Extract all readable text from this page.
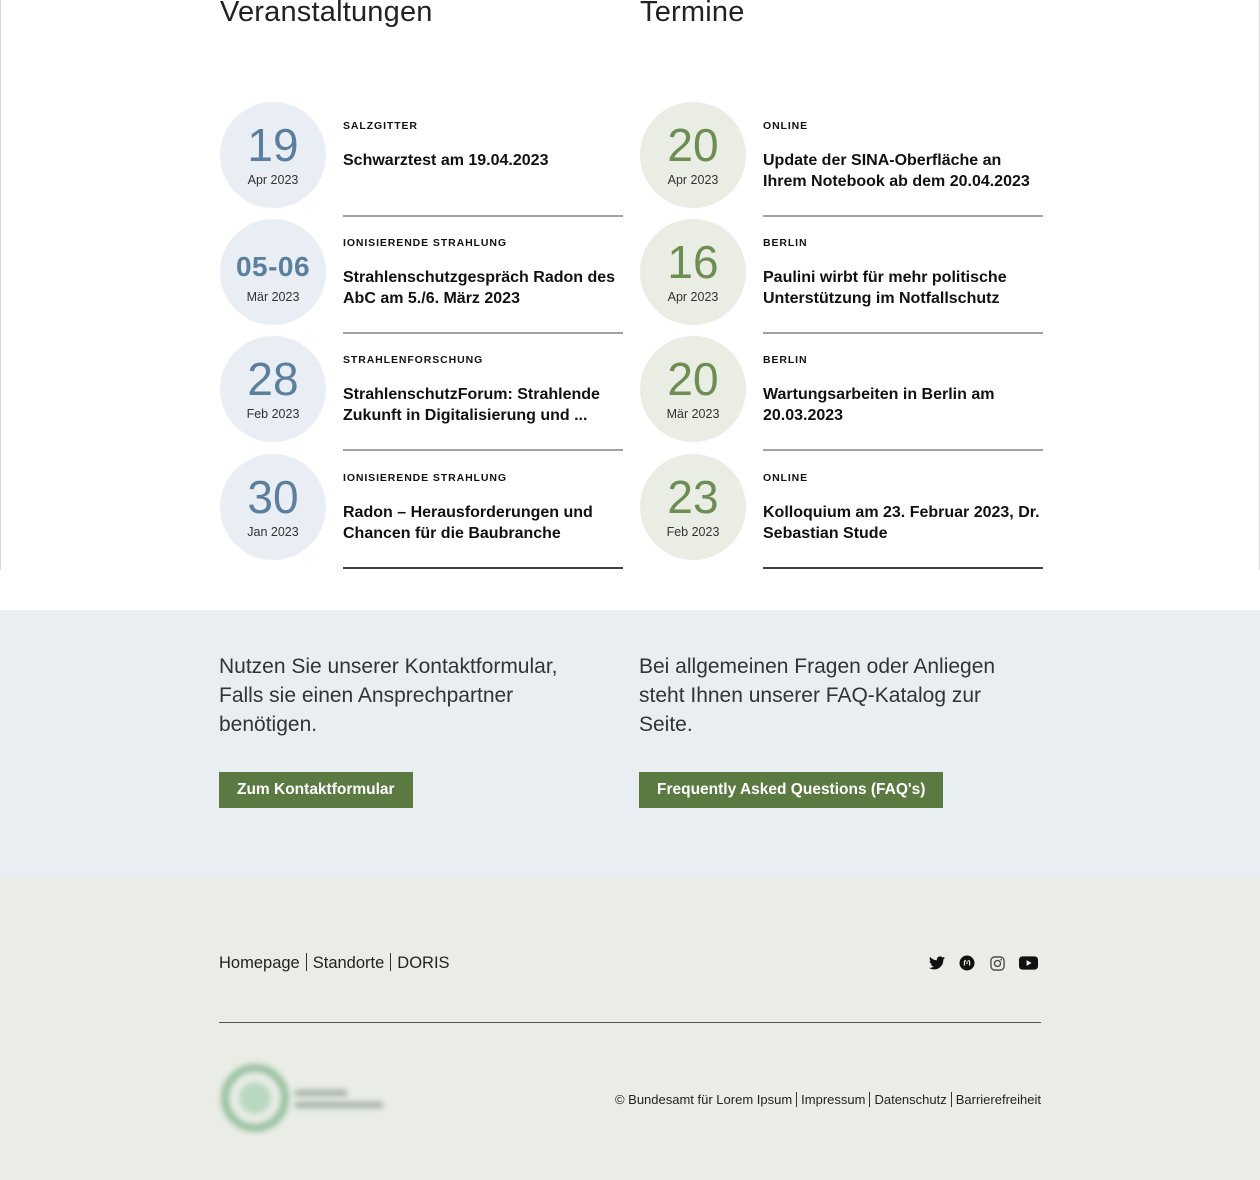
Veranstaltungen
19
Apr 2023
SALZGITTER
Schwarztest am 19.04.2023
05-06
Mär 2023
IONISIERENDE STRAHLUNG
Strahlenschutzgespräch Radon des AbC am 5./6. März 2023
28
Feb 2023
STRAHLENFORSCHUNG
StrahlenschutzForum: Strahlende Zukunft in Digitalisierung und ...
30
Jan 2023
IONISIERENDE STRAHLUNG
Radon – Herausforderungen und Chancen für die Baubranche
Termine
20
Apr 2023
ONLINE
Update der SINA-Oberfläche an Ihrem Notebook ab dem 20.04.2023
16
Apr 2023
BERLIN
Paulini wirbt für mehr politische Unterstützung im Notfallschutz
20
Mär 2023
BERLIN
Wartungsarbeiten in Berlin am 20.03.2023
23
Feb 2023
ONLINE
Kolloquium am 23. Februar 2023, Dr. Sebastian Stude

Nutzen Sie unserer Kontaktformular, Falls sie einen Ansprechpartner benötigen.

Zum Kontaktformular

Bei allgemeinen Fragen oder Anliegen steht Ihnen unserer FAQ-Katalog zur Seite.

Frequently Asked Questions (FAQ's)
Homepage Standorte DORIS
© Bundesamt für Lorem Ipsum Impressum Datenschutz Barrierefreiheit
